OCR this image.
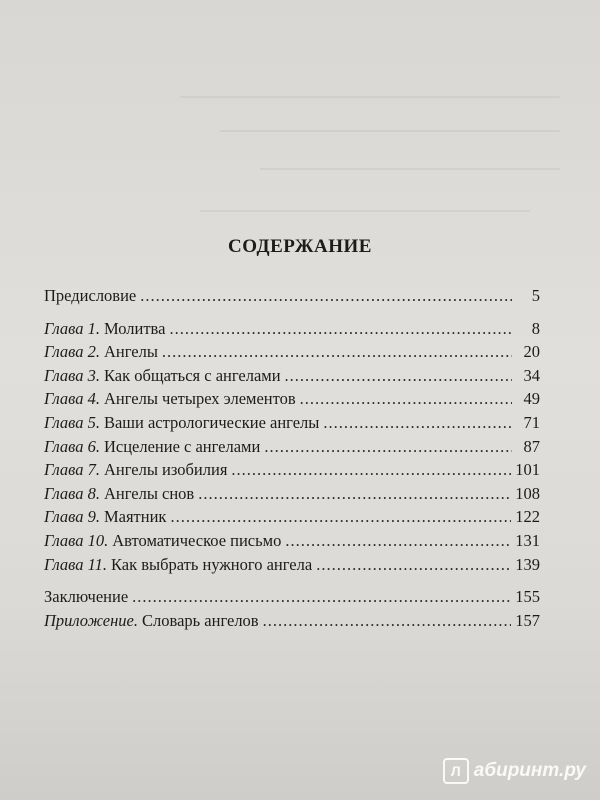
СОДЕРЖАНИЕ
Предисловие .....	5
Глава 1. Молитва .....	8
Глава 2. Ангелы .....	20
Глава 3. Как общаться с ангелами .....	34
Глава 4. Ангелы четырех элементов .....	49
Глава 5. Ваши астрологические ангелы .....	71
Глава 6. Исцеление с ангелами .....	87
Глава 7. Ангелы изобилия .....	101
Глава 8. Ангелы снов .....	108
Глава 9. Маятник .....	122
Глава 10. Автоматическое письмо .....	131
Глава 11. Как выбрать нужного ангела .....	139
Заключение .....	155
Приложение. Словарь ангелов .....	157
Л абиринт.ру
